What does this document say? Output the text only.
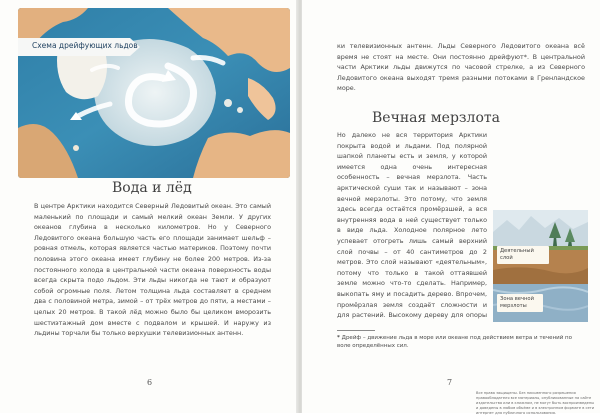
Схема дрейфующих льдов
Вода и лёд

В центре Арктики находится Северный Ледовитый океан. Это самый маленький по площади и самый мелкий океан Земли. У других океанов глубина в несколько километров. Но у Северного Ледовитого океана большую часть его площади занимает шельф – ровная отмель, которая является частью материков. Поэтому почти половина этого океана имеет глубину не более 200 метров. Из-за постоянного холода в центральной части океана поверхность воды всегда скрыта подо льдом. Эти льды никогда не тают и образуют собой огромные поля. Летом толщина льда составляет в среднем два с половиной метра, зимой – от трёх метров до пяти, а местами – целых 20 метров. В такой лёд можно было бы целиком вморозить шестиэтажный дом вместе с подвалом и крышей. И наружу из льдины торчали бы только верхушки телевизионных антенн.

6

ки телевизионных антенн. Льды Северного Ледовитого океана всё время не стоят на месте. Они постоянно дрейфуют*. В центральной части Арктики льды движутся по часовой стрелке, а из Северного Ледовитого океана выходят тремя разными потоками в Гренландское море.

Вечная мерзлота

Но далеко не вся территория Арктики покрыта водой и льдами. Под полярной шапкой планеты есть и земля, у которой имеется одна очень интересная особенность – вечная мерзлота. Часть арктической суши так и называют – зона вечной мерзлоты. Это потому, что земля здесь всегда остаётся промёрзшей, а вся внутренняя вода в ней существует только в виде льда. Холодное полярное лето успевает отогреть лишь самый верхний слой почвы – от 40 сантиметров до 2 метров. Это слой называют «деятельным», потому что только в такой оттаявшей земле можно что-то сделать. Например, выкопать яму и посадить дерево. Впрочем, промёрзлая земля создаёт сложности и для растений. Высокому дереву для опоры

Деятельный слой
Зона вечной мерзлоты
* Дрейф – движение льда в море или океане под действием ветра и течений по воле определённых сил.
7
Все права защищены. Без письменного разрешения правообладателя все материалы, опубликованные на сайте издательства или в книжном, не могут быть воспроизведены и доведены в любом объёме и в электронном формате в сети интернет для публичного использования.
